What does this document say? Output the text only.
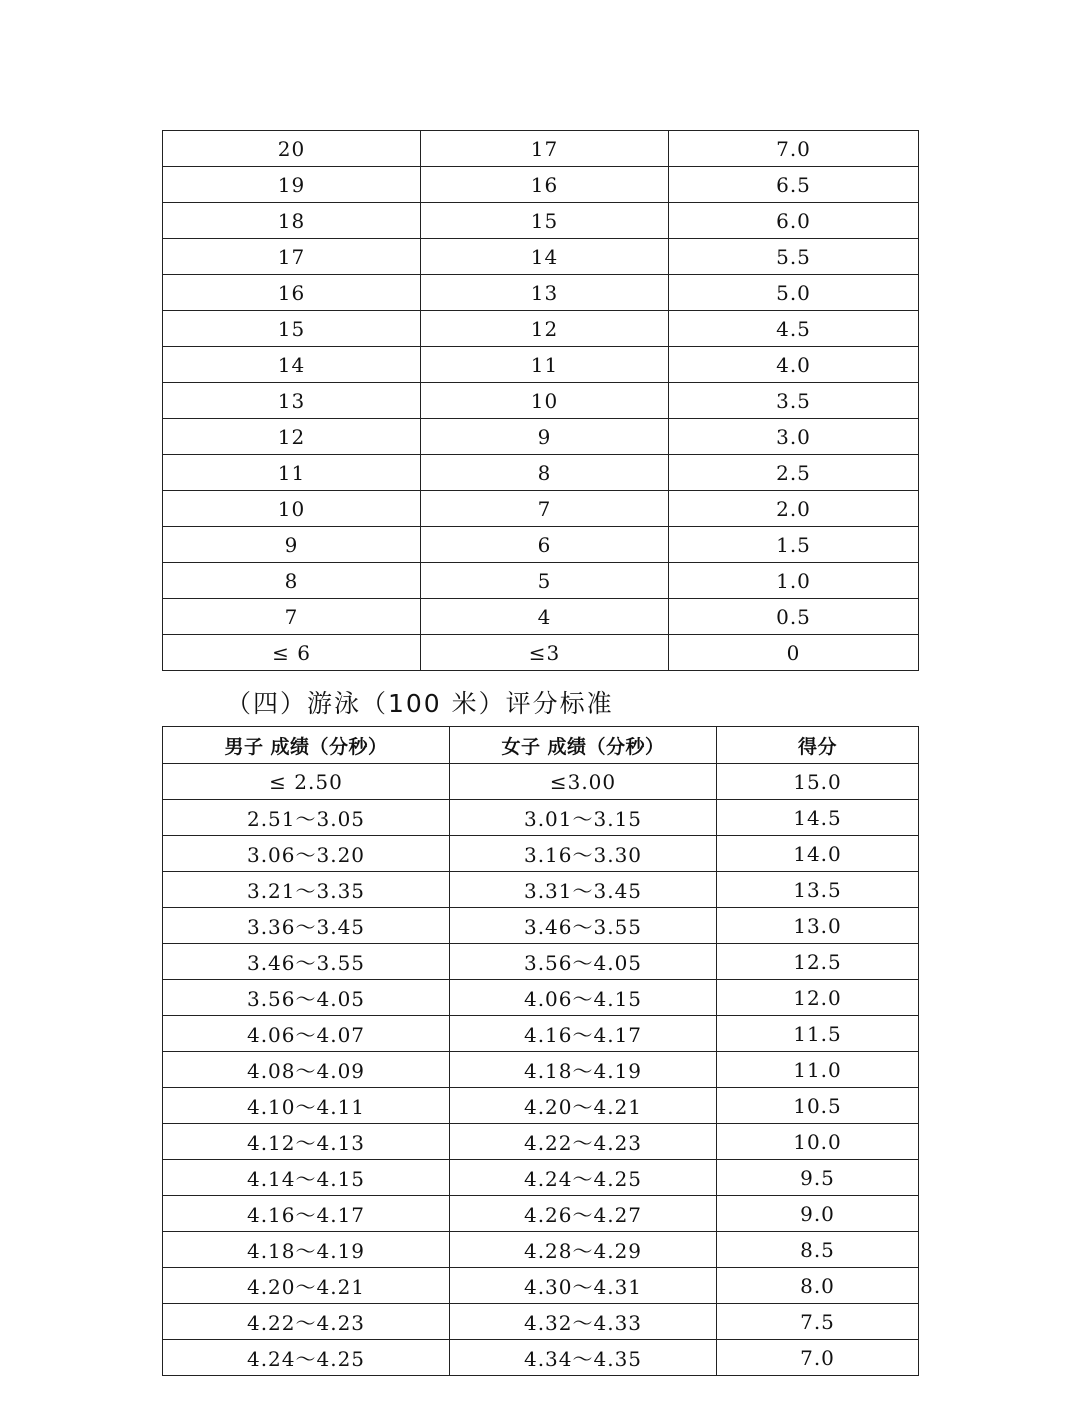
20	17	7.0
19	16	6.5
18	15	6.0
17	14	5.5
16	13	5.0
15	12	4.5
14	11	4.0
13	10	3.5
12	9	3.0
11	8	2.5
10	7	2.0
9	6	1.5
8	5	1.0
7	4	0.5
≤ 6	≤3	0
（四）游泳（100 米）评分标准
男子 成绩（分秒）	女子 成绩（分秒）	得分
≤ 2.50	≤3.00	15.0
2.51～3.05	3.01～3.15	14.5
3.06～3.20	3.16～3.30	14.0
3.21～3.35	3.31～3.45	13.5
3.36～3.45	3.46～3.55	13.0
3.46～3.55	3.56～4.05	12.5
3.56～4.05	4.06～4.15	12.0
4.06～4.07	4.16～4.17	11.5
4.08～4.09	4.18～4.19	11.0
4.10～4.11	4.20～4.21	10.5
4.12～4.13	4.22～4.23	10.0
4.14～4.15	4.24～4.25	9.5
4.16～4.17	4.26～4.27	9.0
4.18～4.19	4.28～4.29	8.5
4.20～4.21	4.30～4.31	8.0
4.22～4.23	4.32～4.33	7.5
4.24～4.25	4.34～4.35	7.0
